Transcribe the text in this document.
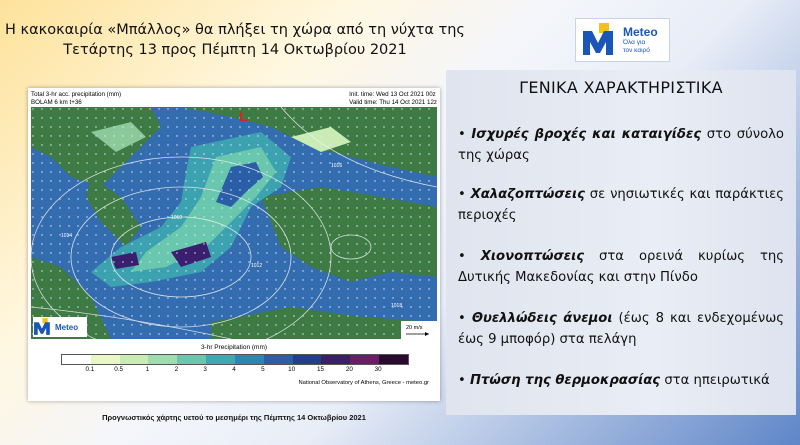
Η κακοκαιρία «Μπάλλος» θα πλήξει τη χώρα από τη νύχτα της
Τετάρτης 13 προς Πέμπτη 14 Οκτωβρίου 2021
Meteo
Όλα για
τον καιρό
Total 3-hr acc. precipitation (mm)
BOLAM 6 km t+36
Init. time: Wed 13 Oct 2021 00z
Valid time: Thu 14 Oct 2021 12z
1010
1012
1014
1016
1018
L
20 m/s
Meteo
3-hr Precipitation (mm)
0.1	0.5	1	2	3	4	5	10	15	20	30
National Observatory of Athens, Greece - meteo.gr
Προγνωστικός χάρτης υετού το μεσημέρι της Πέμπτης 14 Οκτωβρίου 2021
ΓΕΝΙΚΑ ΧΑΡΑΚΤΗΡΙΣΤΙΚΑ
• Ισχυρές βροχές και καταιγίδες στο σύνολο της χώρας
• Χαλαζοπτώσεις σε νησιωτικές και παράκτιες περιοχές
• Χιονοπτώσεις στα ορεινά κυρίως της Δυτικής Μακεδονίας και στην Πίνδο
• Θυελλώδεις άνεμοι (έως 8 και ενδεχομένως έως 9 μποφόρ) στα πελάγη
• Πτώση της θερμοκρασίας στα ηπειρωτικά
